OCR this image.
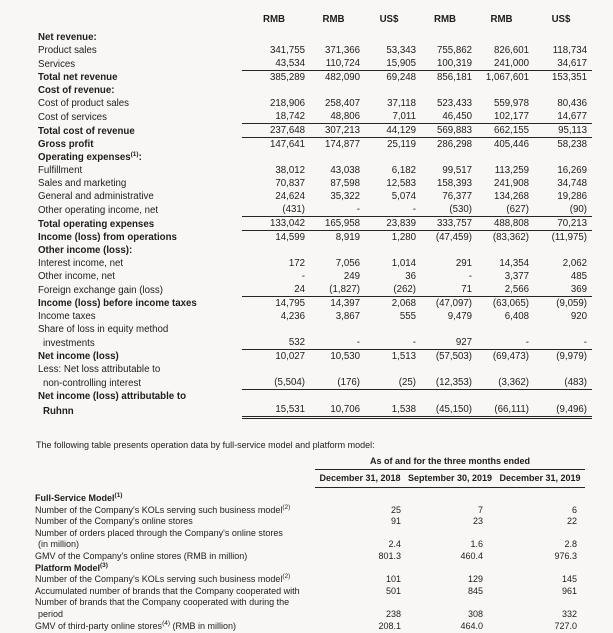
	RMB	RMB	US$	RMB	RMB	US$
Net revenue:						
Product sales	341,755	371,366	53,343	755,862	826,601	118,734
Services	43,534	110,724	15,905	100,319	241,000	34,617
Total net revenue	385,289	482,090	69,248	856,181	1,067,601	153,351
Cost of revenue:						
Cost of product sales	218,906	258,407	37,118	523,433	559,978	80,436
Cost of services	18,742	48,806	7,011	46,450	102,177	14,677
Total cost of revenue	237,648	307,213	44,129	569,883	662,155	95,113
Gross profit	147,641	174,877	25,119	286,298	405,446	58,238
Operating expenses$^{(1)}$:						
Fulfillment	38,012	43,038	6,182	99,517	113,259	16,269
Sales and marketing	70,837	87,598	12,583	158,393	241,908	34,748
General and administrative	24,624	35,322	5,074	76,377	134,268	19,286
Other operating income, net	(431)	-	-	(530)	(627)	(90)
Total operating expenses	133,042	165,958	23,839	333,757	488,808	70,213
Income (loss) from operations	14,599	8,919	1,280	(47,459)	(83,362)	(11,975)
Other income (loss):						
Interest income, net	172	7,056	1,014	291	14,354	2,062
Other income, net	-	249	36	-	3,377	485
Foreign exchange gain (loss)	24	(1,827)	(262)	71	2,566	369
Income (loss) before income taxes	14,795	14,397	2,068	(47,097)	(63,065)	(9,059)
Income taxes	4,236	3,867	555	9,479	6,408	920
Share of loss in equity method						
investments	532	-	-	927	-	-
Net income (loss)	10,027	10,530	1,513	(57,503)	(69,473)	(9,979)
Less: Net loss attributable to						
non-controlling interest	(5,504)	(176)	(25)	(12,353)	(3,362)	(483)
Net income (loss) attributable to						
Ruhnn	15,531	10,706	1,538	(45,150)	(66,111)	(9,496)
The following table presents operation data by full-service model and platform model:
	As of and for the three months ended		
	December 31, 2018	September 30, 2019	December 31, 2019
Full-Service Model$^{(1)}$			
Number of the Company's KOLs serving such business model$^{(2)}$	25	7	6
Number of the Company's online stores	91	23	22
Number of orders placed through the Company's online stores			
(in million)	2.4	1.6	2.8
GMV of the Company's online stores (RMB in million)	801.3	460.4	976.3
Platform Model$^{(3)}$			
Number of the Company's KOLs serving such business model$^{(2)}$	101	129	145
Accumulated number of brands that the Company cooperated with	501	845	961
Number of brands that the Company cooperated with during the			
period	238	308	332
GMV of third-party online stores$^{(4)}$ (RMB in million)	208.1	464.0	727.0
